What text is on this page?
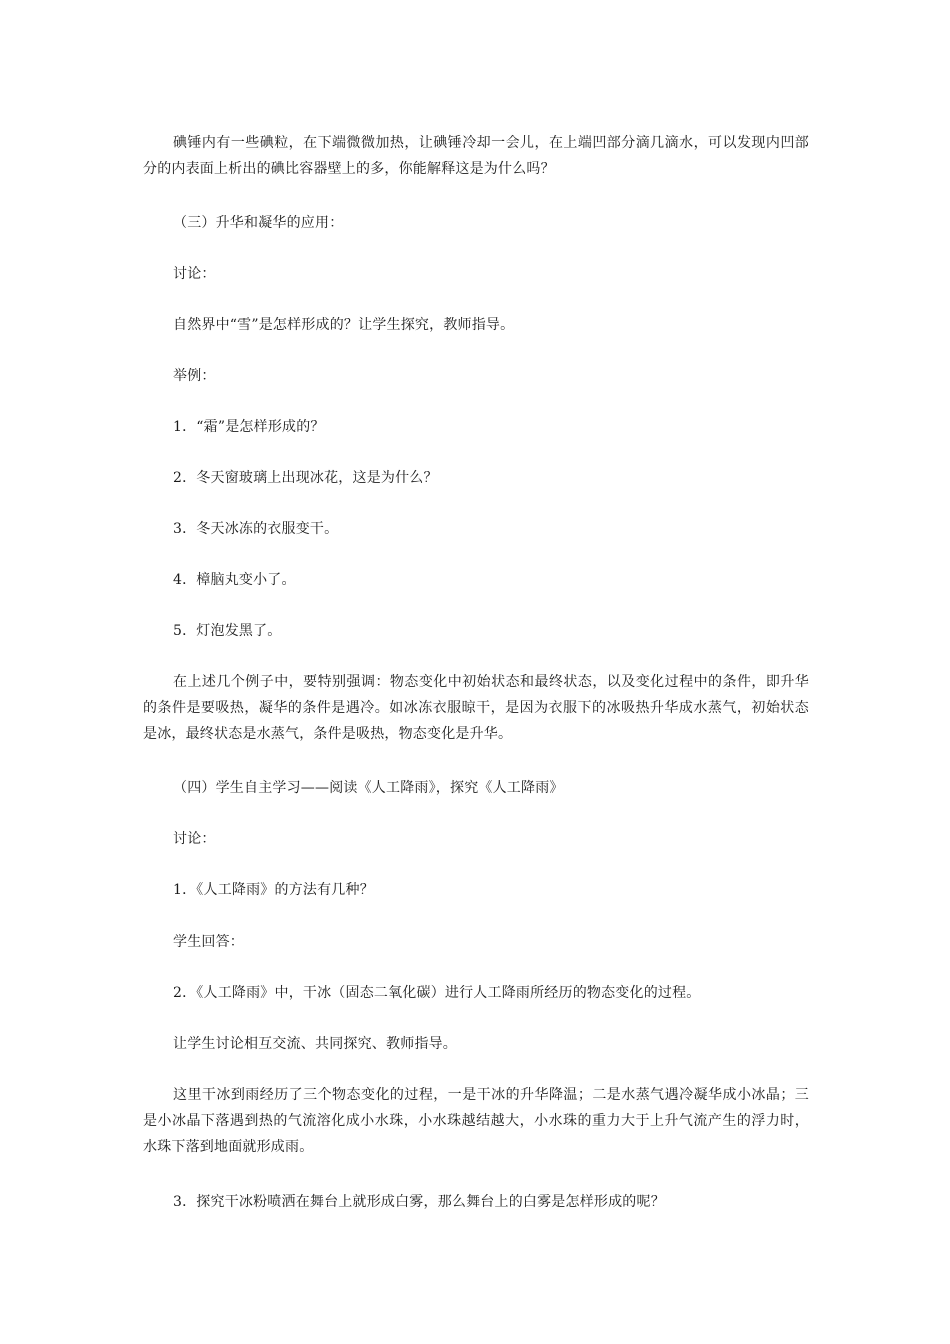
碘锤内有一些碘粒，在下端微微加热，让碘锤冷却一会儿，在上端凹部分滴几滴水，可以发现内凹部分的内表面上析出的碘比容器壁上的多，你能解释这是为什么吗？

（三）升华和凝华的应用：

讨论：

自然界中“雪”是怎样形成的？让学生探究，教师指导。

举例：

1．“霜”是怎样形成的？

2．冬天窗玻璃上出现冰花，这是为什么？

3．冬天冰冻的衣服变干。

4．樟脑丸变小了。

5．灯泡发黑了。

在上述几个例子中，要特别强调：物态变化中初始状态和最终状态，以及变化过程中的条件，即升华的条件是要吸热，凝华的条件是遇冷。如冰冻衣服晾干，是因为衣服下的冰吸热升华成水蒸气，初始状态是冰，最终状态是水蒸气，条件是吸热，物态变化是升华。

（四）学生自主学习——阅读《人工降雨》，探究《人工降雨》

讨论：

1．《人工降雨》的方法有几种？

学生回答：

2．《人工降雨》中，干冰（固态二氧化碳）进行人工降雨所经历的物态变化的过程。

让学生讨论相互交流、共同探究、教师指导。

这里干冰到雨经历了三个物态变化的过程，一是干冰的升华降温；二是水蒸气遇冷凝华成小冰晶；三是小冰晶下落遇到热的气流溶化成小水珠，小水珠越结越大，小水珠的重力大于上升气流产生的浮力时，水珠下落到地面就形成雨。

3．探究干冰粉喷洒在舞台上就形成白雾，那么舞台上的白雾是怎样形成的呢？
